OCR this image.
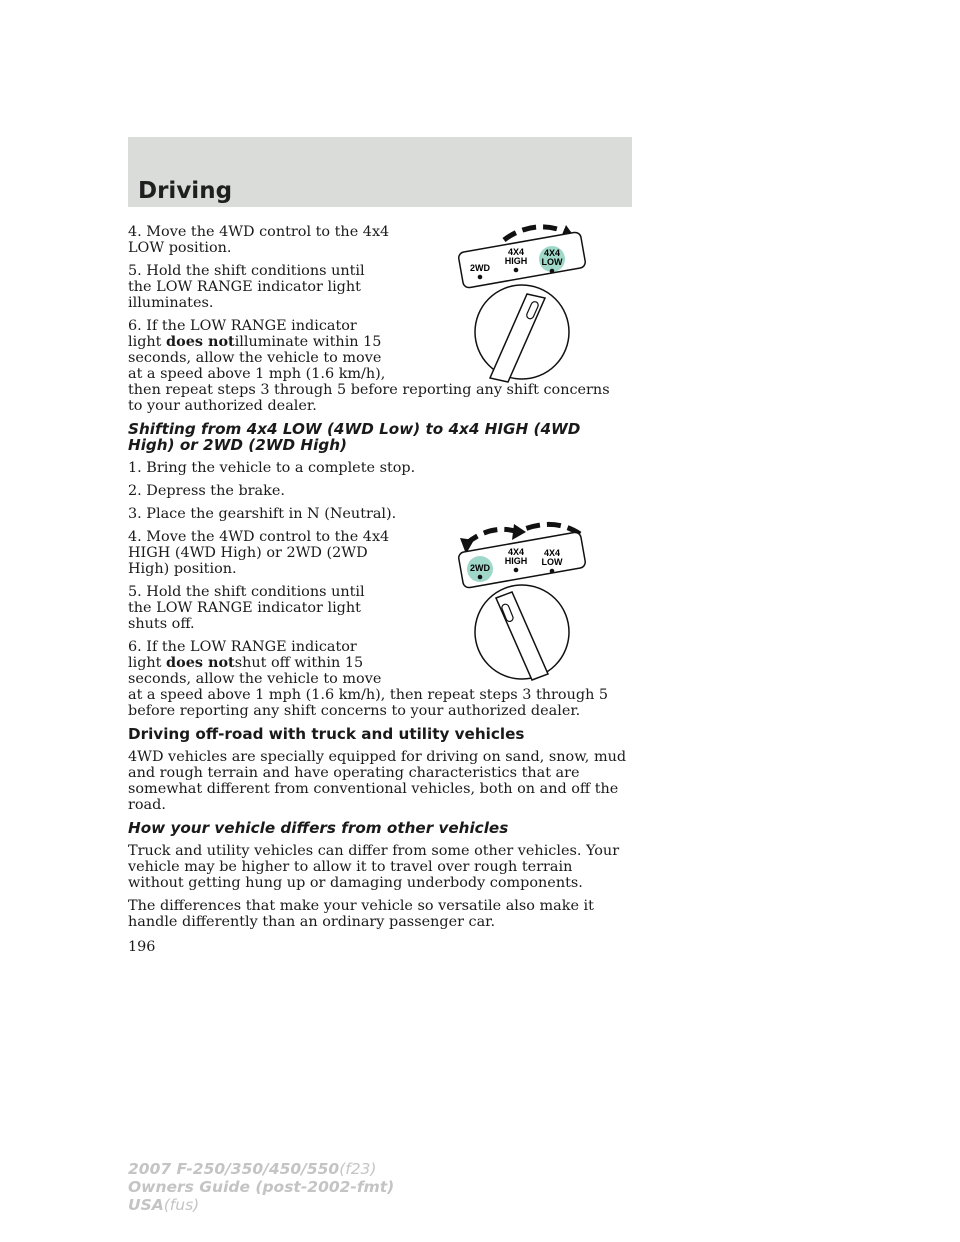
Driving
2WD
4X4
HIGH
4X4
LOW
2WD
4X4
HIGH
4X4
LOW

4. Move the 4WD control to the 4x4 LOW position.

5. Hold the shift conditions until the LOW RANGE indicator light illuminates.

6. If the LOW RANGE indicator light does notilluminate within 15 seconds, allow the vehicle to move at a speed above 1 mph (1.6 km/h), then repeat steps 3 through 5 before reporting any shift concerns to your authorized dealer.

Shifting from 4x4 LOW (4WD Low) to 4x4 HIGH (4WD High) or 2WD (2WD High)

1. Bring the vehicle to a complete stop.

2. Depress the brake.

3. Place the gearshift in N (Neutral).

4. Move the 4WD control to the 4x4 HIGH (4WD High) or 2WD (2WD High) position.

5. Hold the shift conditions until the LOW RANGE indicator light shuts off.

6. If the LOW RANGE indicator light does notshut off within 15 seconds, allow the vehicle to move at a speed above 1 mph (1.6 km/h), then repeat steps 3 through 5 before reporting any shift concerns to your authorized dealer.

Driving off-road with truck and utility vehicles

4WD vehicles are specially equipped for driving on sand, snow, mud and rough terrain and have operating characteristics that are somewhat different from conventional vehicles, both on and off the road.

How your vehicle differs from other vehicles

Truck and utility vehicles can differ from some other vehicles. Your vehicle may be higher to allow it to travel over rough terrain without getting hung up or damaging underbody components.

The differences that make your vehicle so versatile also make it handle differently than an ordinary passenger car.

196
2007 F-250/350/450/550(f23)
Owners Guide (post-2002-fmt)
USA(fus)
